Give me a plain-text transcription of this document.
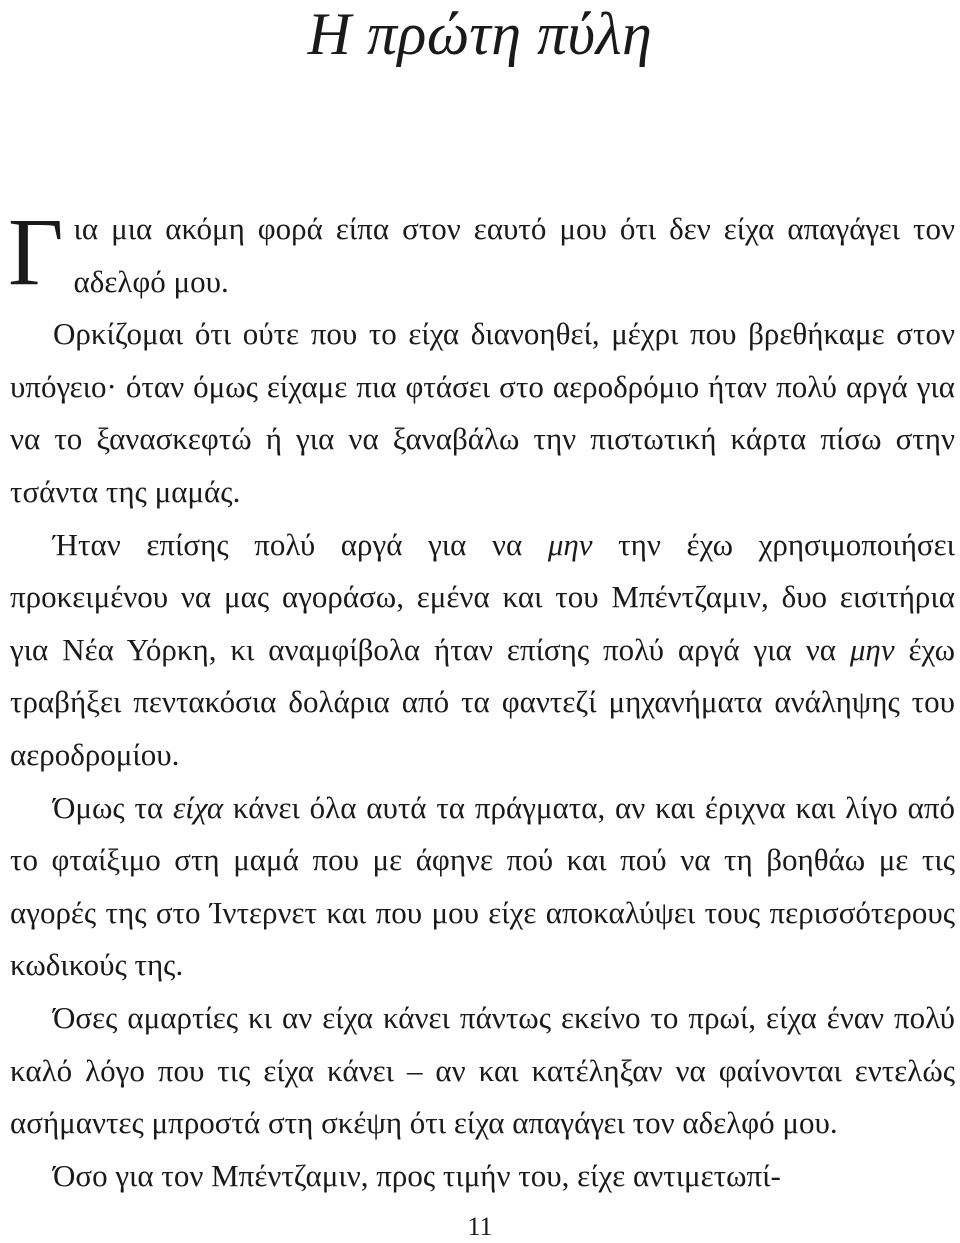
Η πρώτη πύλη

Για μια ακόμη φορά είπα στον εαυτό μου ότι δεν είχα απαγάγει τον αδελφό μου.

Ορκίζομαι ότι ούτε που το είχα διανοηθεί, μέχρι που βρεθήκαμε στον υπόγειο· όταν όμως είχαμε πια φτάσει στο αεροδρόμιο ήταν πολύ αργά για να το ξανασκεφτώ ή για να ξαναβάλω την πιστωτική κάρτα πίσω στην τσάντα της μαμάς.

Ήταν επίσης πολύ αργά για να μην την έχω χρησιμοποιήσει προκειμένου να μας αγοράσω, εμένα και του Μπέντζαμιν, δυο εισιτήρια για Νέα Υόρκη, κι αναμφίβολα ήταν επίσης πολύ αργά για να μην έχω τραβήξει πεντακόσια δολάρια από τα φαντεζί μηχανήματα ανάληψης του αεροδρομίου.

Όμως τα είχα κάνει όλα αυτά τα πράγματα, αν και έριχνα και λίγο από το φταίξιμο στη μαμά που με άφηνε πού και πού να τη βοηθάω με τις αγορές της στο Ίντερνετ και που μου είχε αποκαλύψει τους περισσότερους κωδικούς της.

Όσες αμαρτίες κι αν είχα κάνει πάντως εκείνο το πρωί, είχα έναν πολύ καλό λόγο που τις είχα κάνει – αν και κατέληξαν να φαίνονται εντελώς ασήμαντες μπροστά στη σκέψη ότι είχα απαγάγει τον αδελφό μου.

Όσο για τον Μπέντζαμιν, προς τιμήν του, είχε αντιμετωπί-

11
